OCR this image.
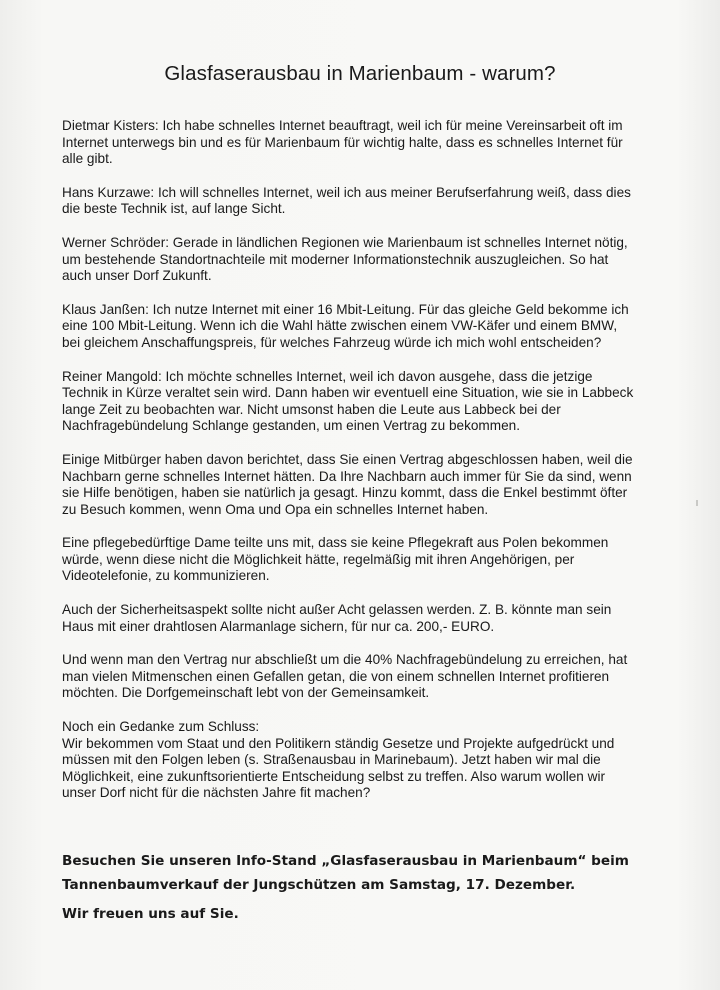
Glasfaserausbau in Marienbaum - warum?

Dietmar Kisters: Ich habe schnelles Internet beauftragt, weil ich für meine Vereinsarbeit oft im Internet unterwegs bin und es für Marienbaum für wichtig halte, dass es schnelles Internet für alle gibt.

Hans Kurzawe: Ich will schnelles Internet, weil ich aus meiner Berufserfahrung weiß, dass dies die beste Technik ist, auf lange Sicht.

Werner Schröder: Gerade in ländlichen Regionen wie Marienbaum ist schnelles Internet nötig, um bestehende Standortnachteile mit moderner Informationstechnik auszugleichen. So hat auch unser Dorf Zukunft.

Klaus Janßen: Ich nutze Internet mit einer 16 Mbit-Leitung. Für das gleiche Geld bekomme ich eine 100 Mbit-Leitung. Wenn ich die Wahl hätte zwischen einem VW-Käfer und einem BMW, bei gleichem Anschaffungspreis, für welches Fahrzeug würde ich mich wohl entscheiden?

Reiner Mangold: Ich möchte schnelles Internet, weil ich davon ausgehe, dass die jetzige Technik in Kürze veraltet sein wird. Dann haben wir eventuell eine Situation, wie sie in Labbeck lange Zeit zu beobachten war. Nicht umsonst haben die Leute aus Labbeck bei der Nachfragebündelung Schlange gestanden, um einen Vertrag zu bekommen.

Einige Mitbürger haben davon berichtet, dass Sie einen Vertrag abgeschlossen haben, weil die Nachbarn gerne schnelles Internet hätten. Da Ihre Nachbarn auch immer für Sie da sind, wenn sie Hilfe benötigen, haben sie natürlich ja gesagt. Hinzu kommt, dass die Enkel bestimmt öfter zu Besuch kommen, wenn Oma und Opa ein schnelles Internet haben.

Eine pflegebedürftige Dame teilte uns mit, dass sie keine Pflegekraft aus Polen bekommen würde, wenn diese nicht die Möglichkeit hätte, regelmäßig mit ihren Angehörigen, per Videotelefonie, zu kommunizieren.

Auch der Sicherheitsaspekt sollte nicht außer Acht gelassen werden. Z. B. könnte man sein Haus mit einer drahtlosen Alarmanlage sichern, für nur ca. 200,- EURO.

Und wenn man den Vertrag nur abschließt um die 40% Nachfragebündelung zu erreichen, hat man vielen Mitmenschen einen Gefallen getan, die von einem schnellen Internet profitieren möchten. Die Dorfgemeinschaft lebt von der Gemeinsamkeit.

Noch ein Gedanke zum Schluss:
Wir bekommen vom Staat und den Politikern ständig Gesetze und Projekte aufgedrückt und müssen mit den Folgen leben (s. Straßenausbau in Marinebaum). Jetzt haben wir mal die Möglichkeit, eine zukunftsorientierte Entscheidung selbst zu treffen. Also warum wollen wir unser Dorf nicht für die nächsten Jahre fit machen?
Besuchen Sie unseren Info-Stand „Glasfaserausbau in Marienbaum“ beim
Tannenbaumverkauf der Jungschützen am Samstag, 17. Dezember.
Wir freuen uns auf Sie.
